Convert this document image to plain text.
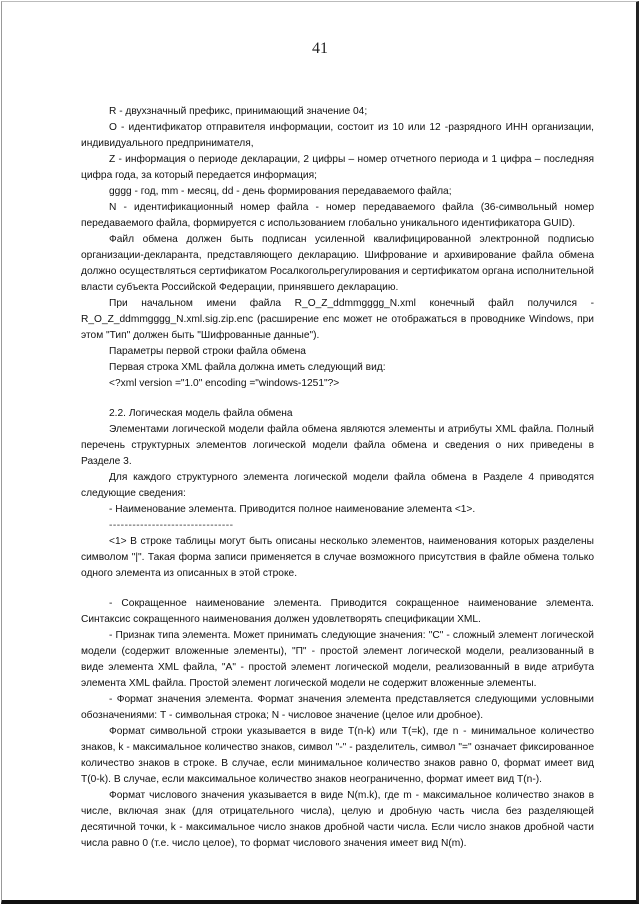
41

R - двухзначный префикс, принимающий значение 04;

O - идентификатор отправителя информации, состоит из 10 или 12 -разрядного ИНН организации, индивидуального предпринимателя,

Z - информация о периоде декларации, 2 цифры – номер отчетного периода и 1 цифра – последняя цифра года, за который передается информация;

gggg - год, mm - месяц, dd - день формирования передаваемого файла;

N - идентификационный номер файла - номер передаваемого файла (36-символьный номер передаваемого файла, формируется с использованием глобально уникального идентификатора GUID).

Файл обмена должен быть подписан усиленной квалифицированной электронной подписью организации-декларанта, представляющего декларацию. Шифрование и архивирование файла обмена должно осуществляться сертификатом Росалкогольрегулирования и сертификатом органа исполнительной власти субъекта Российской Федерации, принявшего декларацию.

При начальном имени файла R_O_Z_ddmmgggg_N.xml конечный файл получился - R_O_Z_ddmmgggg_N.xml.sig.zip.enc (расширение enc может не отображаться в проводнике Windows, при этом "Тип" должен быть "Шифрованные данные").

Параметры первой строки файла обмена

Первая строка XML файла должна иметь следующий вид:

<?xml version ="1.0" encoding ="windows-1251"?>

2.2. Логическая модель файла обмена

Элементами логической модели файла обмена являются элементы и атрибуты XML файла. Полный перечень структурных элементов логической модели файла обмена и сведения о них приведены в Разделе 3.

Для каждого структурного элемента логической модели файла обмена в Разделе 4 приводятся следующие сведения:

- Наименование элемента. Приводится полное наименование элемента <1>.

--------------------------------

<1> В строке таблицы могут быть описаны несколько элементов, наименования которых разделены символом "|". Такая форма записи применяется в случае возможного присутствия в файле обмена только одного элемента из описанных в этой строке.

- Сокращенное наименование элемента. Приводится сокращенное наименование элемента. Синтаксис сокращенного наименования должен удовлетворять спецификации XML.

- Признак типа элемента. Может принимать следующие значения: "С" - сложный элемент логической модели (содержит вложенные элементы), "П" - простой элемент логической модели, реализованный в виде элемента XML файла, "А" - простой элемент логической модели, реализованный в виде атрибута элемента XML файла. Простой элемент логической модели не содержит вложенные элементы.

- Формат значения элемента. Формат значения элемента представляется следующими условными обозначениями: Т - символьная строка; N - числовое значение (целое или дробное).

Формат символьной строки указывается в виде Т(n-k) или Т(=k), где n - минимальное количество знаков, k - максимальное количество знаков, символ "-" - разделитель, символ "=" означает фиксированное количество знаков в строке. В случае, если минимальное количество знаков равно 0, формат имеет вид Т(0-k). В случае, если максимальное количество знаков неограниченно, формат имеет вид Т(n-).

Формат числового значения указывается в виде N(m.k), где m - максимальное количество знаков в числе, включая знак (для отрицательного числа), целую и дробную часть числа без разделяющей десятичной точки, k - максимальное число знаков дробной части числа. Если число знаков дробной части числа равно 0 (т.е. число целое), то формат числового значения имеет вид N(m).
